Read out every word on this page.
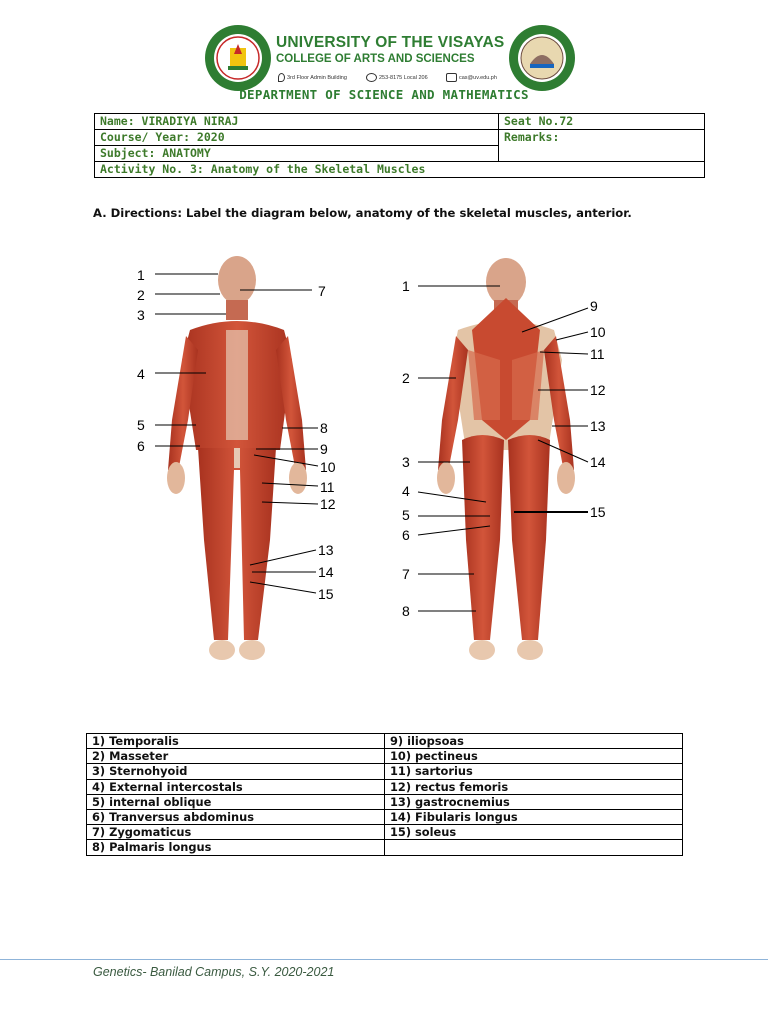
UNIVERSITY OF THE VISAYAS
COLLEGE OF ARTS AND SCIENCES
3rd Floor Admin Building	253-8175 Local 206	cas@uv.edu.ph
DEPARTMENT OF SCIENCE AND MATHEMATICS
Name: VIRADIYA NIRAJ	Seat No.72
Course/ Year: 2020	Remarks:
Subject: ANATOMY	
Activity No. 3: Anatomy of the Skeletal Muscles	
A. Directions: Label the diagram below, anatomy of the skeletal muscles, anterior.
1
2
3
4
5
6
7
8
9
10
11
12
13
14
15
1
2
3
4
5
6
7
8
9
10
11
12
13
14
15
1) Temporalis	9) iliopsoas
2) Masseter	10) pectineus
3) Sternohyoid	11) sartorius
4) External intercostals	12) rectus femoris
5) internal oblique	13) gastrocnemius
6) Tranversus abdominus	14) Fibularis longus
7) Zygomaticus	15) soleus
8) Palmaris longus	
Genetics- Banilad Campus, S.Y. 2020-2021
